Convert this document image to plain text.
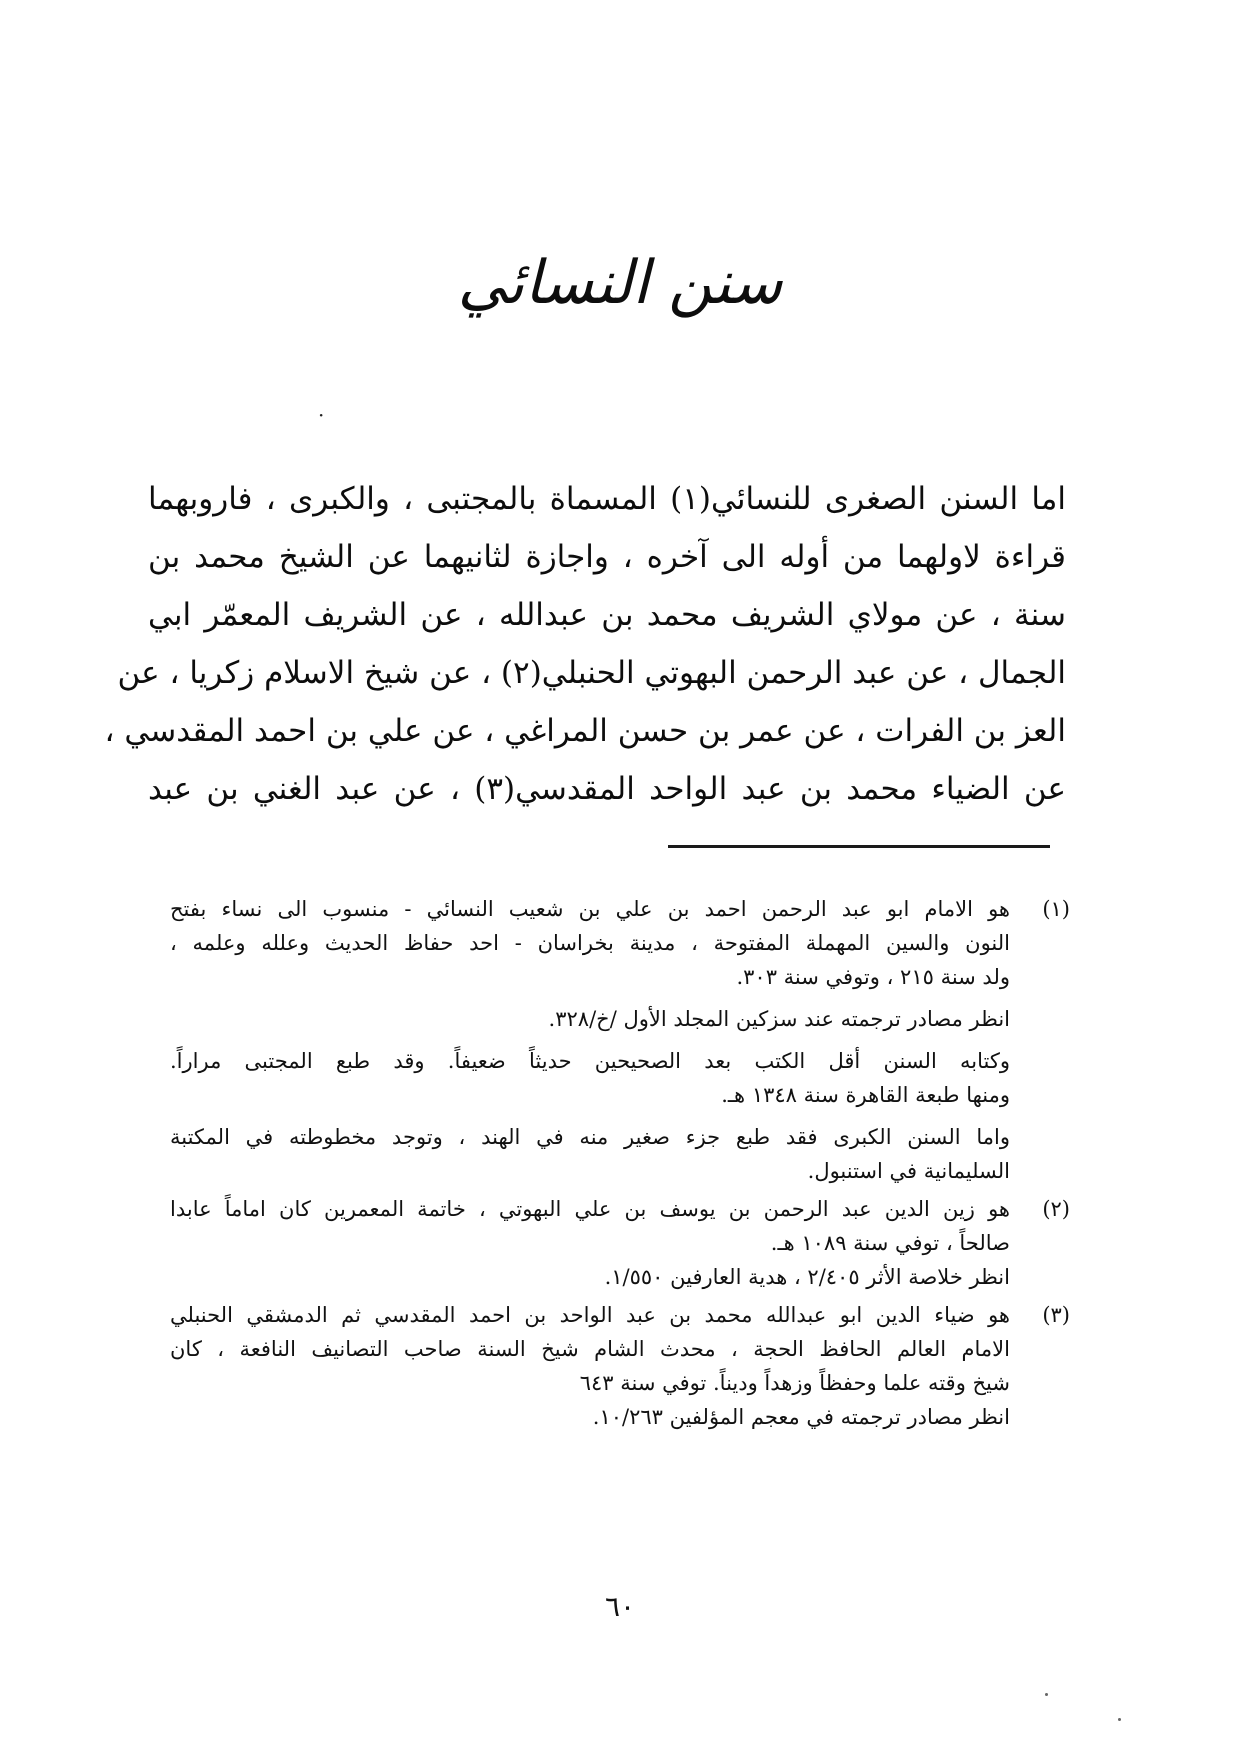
سنن النسائي
·
اما السنن الصغرى للنسائي(١) المسماة بالمجتبى ، والكبرى ، فاروبهما
قراءة لاولهما من أوله الى آخره ، واجازة لثانيهما عن الشيخ محمد بن
سنة ، عن مولاي الشريف محمد بن عبدالله ، عن الشريف المعمّر ابي
الجمال ، عن عبد الرحمن البهوتي الحنبلي(٢) ، عن شيخ الاسلام زكريا ، عن
العز بن الفرات ، عن عمر بن حسن المراغي ، عن علي بن احمد المقدسي ،
عن الضياء محمد بن عبد الواحد المقدسي(٣) ، عن عبد الغني بن عبد
(١)
هو الامام ابو عبد الرحمن احمد بن علي بن شعيب النسائي - منسوب الى نساء بفتح
النون والسين المهملة المفتوحة ، مدينة بخراسان - احد حفاظ الحديث وعلله وعلمه ،
ولد سنة ٢١٥ ، وتوفي سنة ٣٠٣.
انظر مصادر ترجمته عند سزكين المجلد الأول /خ/٣٢٨.
وكتابه السنن أقل الكتب بعد الصحيحين حديثاً ضعيفاً. وقد طبع المجتبى مراراً.
ومنها طبعة القاهرة سنة ١٣٤٨ هـ.
واما السنن الكبرى فقد طبع جزء صغير منه في الهند ، وتوجد مخطوطته في المكتبة
السليمانية في استنبول.
(٢)
هو زين الدين عبد الرحمن بن يوسف بن علي البهوتي ، خاتمة المعمرين كان اماماً عابدا
صالحاً ، توفي سنة ١٠٨٩ هـ.
انظر خلاصة الأثر ٢/٤٠٥ ، هدية العارفين ١/٥٥٠.
(٣)
هو ضياء الدين ابو عبدالله محمد بن عبد الواحد بن احمد المقدسي ثم الدمشقي الحنبلي
الامام العالم الحافظ الحجة ، محدث الشام شيخ السنة صاحب التصانيف النافعة ، كان
شيخ وقته علما وحفظاً وزهداً وديناً. توفي سنة ٦٤٣
انظر مصادر ترجمته في معجم المؤلفين ١٠/٢٦٣.
٦٠
